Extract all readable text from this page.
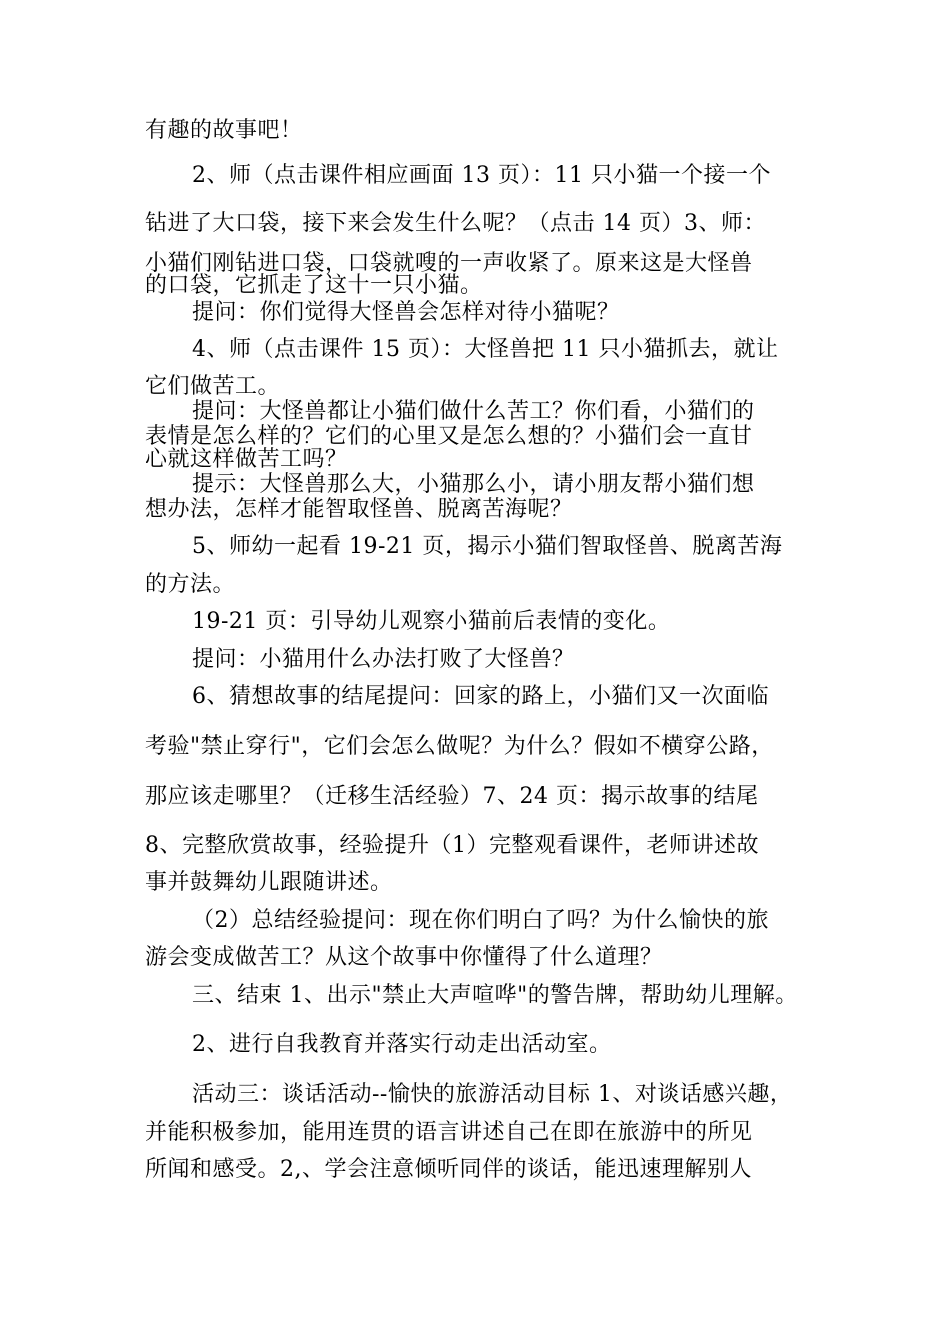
有趣的故事吧！
2、师（点击课件相应画面 13 页）：11 只小猫一个接一个
钻进了大口袋，接下来会发生什么呢？（点击 14 页）3、师：
小猫们刚钻进口袋，口袋就嗖的一声收紧了。原来这是大怪兽
的口袋，它抓走了这十一只小猫。
提问：你们觉得大怪兽会怎样对待小猫呢？
4、师（点击课件 15 页）：大怪兽把 11 只小猫抓去，就让
它们做苦工。
提问：大怪兽都让小猫们做什么苦工？你们看，小猫们的
表情是怎么样的？它们的心里又是怎么想的？小猫们会一直甘
心就这样做苦工吗？
提示：大怪兽那么大，小猫那么小，请小朋友帮小猫们想
想办法，怎样才能智取怪兽、脱离苦海呢？
5、师幼一起看 19-21 页，揭示小猫们智取怪兽、脱离苦海
的方法。
19-21 页：引导幼儿观察小猫前后表情的变化。
提问：小猫用什么办法打败了大怪兽？
6、猜想故事的结尾提问：回家的路上，小猫们又一次面临
考验"禁止穿行"，它们会怎么做呢？为什么？假如不横穿公路，
那应该走哪里？（迁移生活经验）7、24 页：揭示故事的结尾
8、完整欣赏故事，经验提升（1）完整观看课件，老师讲述故
事并鼓舞幼儿跟随讲述。
（2）总结经验提问：现在你们明白了吗？为什么愉快的旅
游会变成做苦工？从这个故事中你懂得了什么道理？
三、结束 1、出示"禁止大声喧哗"的警告牌，帮助幼儿理解。
2、进行自我教育并落实行动走出活动室。
活动三：谈话活动--愉快的旅游活动目标 1、对谈话感兴趣，
并能积极参加，能用连贯的语言讲述自己在即在旅游中的所见
所闻和感受。2,、学会注意倾听同伴的谈话，能迅速理解别人
